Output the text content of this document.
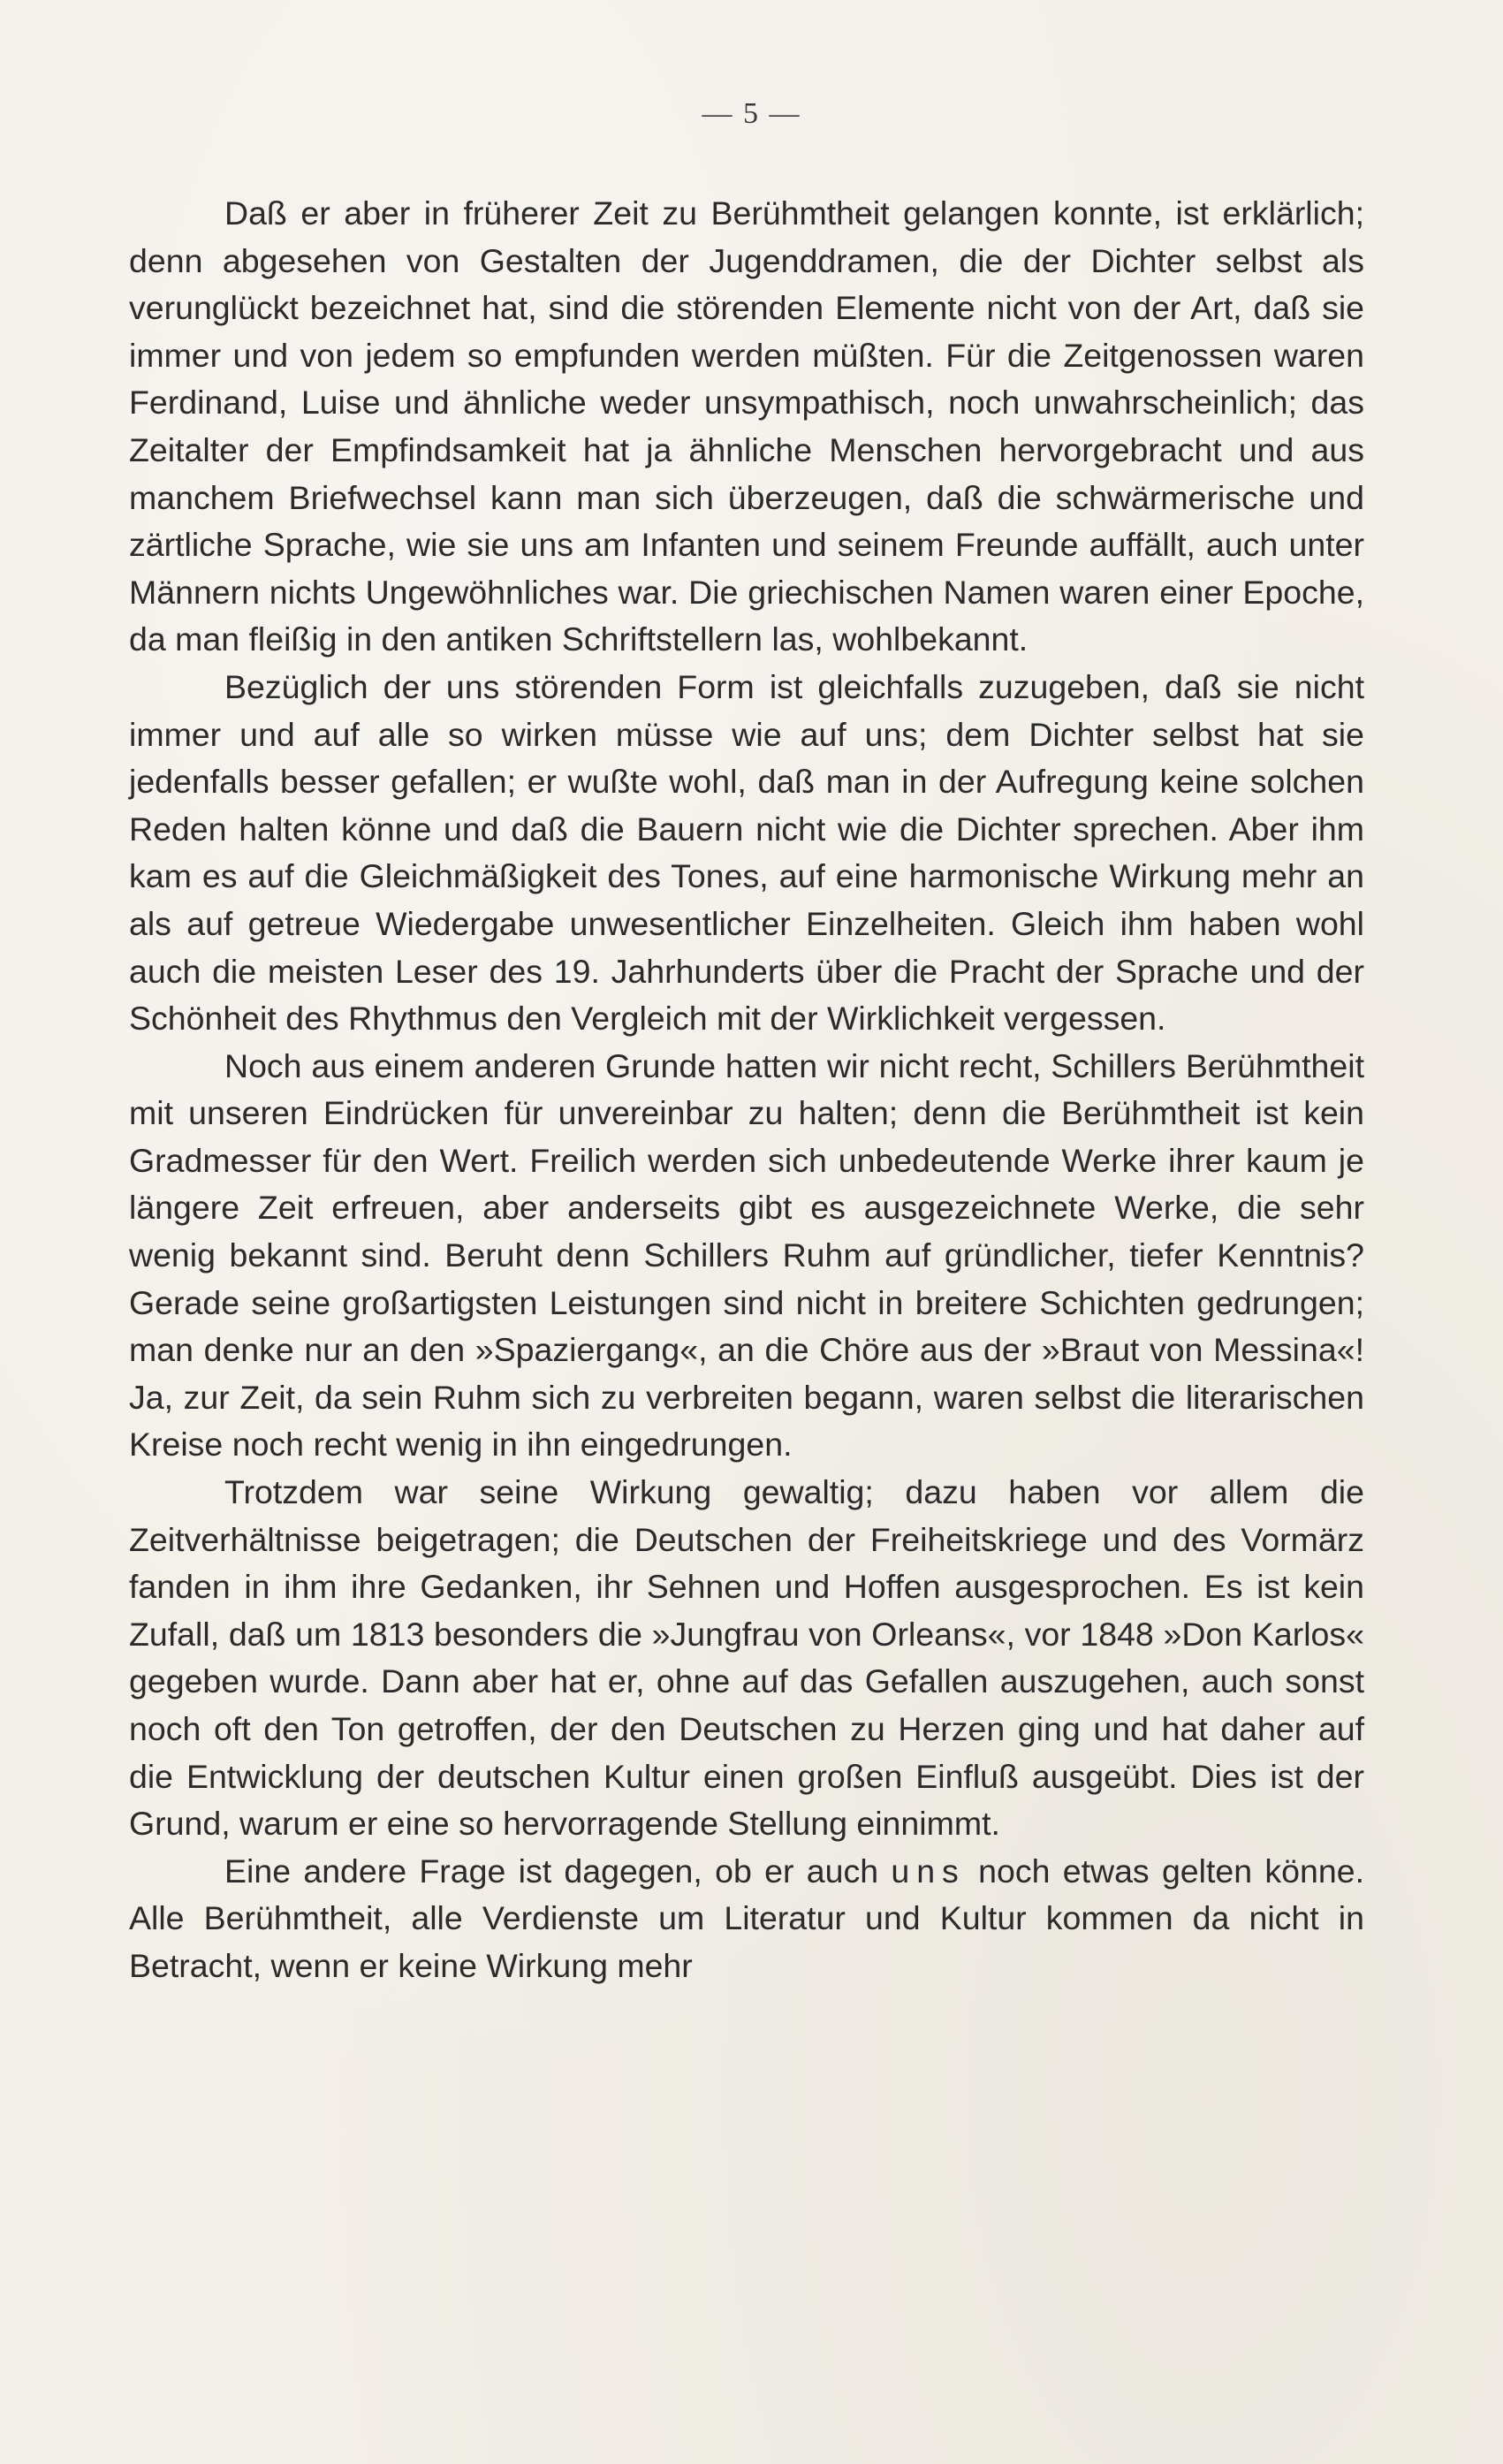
— 5 —

Daß er aber in früherer Zeit zu Berühmtheit gelangen konnte, ist erklärlich; denn abgesehen von Gestalten der Jugenddramen, die der Dichter selbst als verunglückt bezeichnet hat, sind die störenden Elemente nicht von der Art, daß sie immer und von jedem so empfunden werden müßten. Für die Zeitgenossen waren Ferdinand, Luise und ähnliche weder unsympathisch, noch unwahrscheinlich; das Zeitalter der Empfindsamkeit hat ja ähnliche Menschen hervorgebracht und aus manchem Briefwechsel kann man sich überzeugen, daß die schwärmerische und zärtliche Sprache, wie sie uns am Infanten und seinem Freunde auffällt, auch unter Männern nichts Ungewöhnliches war. Die griechischen Namen waren einer Epoche, da man fleißig in den antiken Schriftstellern las, wohlbekannt.

Bezüglich der uns störenden Form ist gleichfalls zuzugeben, daß sie nicht immer und auf alle so wirken müsse wie auf uns; dem Dichter selbst hat sie jedenfalls besser gefallen; er wußte wohl, daß man in der Aufregung keine solchen Reden halten könne und daß die Bauern nicht wie die Dichter sprechen. Aber ihm kam es auf die Gleichmäßigkeit des Tones, auf eine harmonische Wirkung mehr an als auf getreue Wiedergabe unwesentlicher Einzelheiten. Gleich ihm haben wohl auch die meisten Leser des 19. Jahrhunderts über die Pracht der Sprache und der Schönheit des Rhythmus den Vergleich mit der Wirklichkeit vergessen.

Noch aus einem anderen Grunde hatten wir nicht recht, Schillers Berühmtheit mit unseren Eindrücken für unvereinbar zu halten; denn die Berühmtheit ist kein Gradmesser für den Wert. Freilich werden sich unbedeutende Werke ihrer kaum je längere Zeit erfreuen, aber anderseits gibt es ausgezeichnete Werke, die sehr wenig bekannt sind. Beruht denn Schillers Ruhm auf gründlicher, tiefer Kenntnis? Gerade seine großartigsten Leistungen sind nicht in breitere Schichten gedrungen; man denke nur an den »Spaziergang«, an die Chöre aus der »Braut von Messina«! Ja, zur Zeit, da sein Ruhm sich zu verbreiten begann, waren selbst die literarischen Kreise noch recht wenig in ihn eingedrungen.

Trotzdem war seine Wirkung gewaltig; dazu haben vor allem die Zeitverhältnisse beigetragen; die Deutschen der Freiheitskriege und des Vormärz fanden in ihm ihre Gedanken, ihr Sehnen und Hoffen ausgesprochen. Es ist kein Zufall, daß um 1813 besonders die »Jungfrau von Orleans«, vor 1848 »Don Karlos« gegeben wurde. Dann aber hat er, ohne auf das Gefallen auszugehen, auch sonst noch oft den Ton getroffen, der den Deutschen zu Herzen ging und hat daher auf die Entwicklung der deutschen Kultur einen großen Einfluß ausgeübt. Dies ist der Grund, warum er eine so hervorragende Stellung einnimmt.

Eine andere Frage ist dagegen, ob er auch uns noch etwas gelten könne. Alle Berühmtheit, alle Verdienste um Literatur und Kultur kommen da nicht in Betracht, wenn er keine Wirkung mehr
